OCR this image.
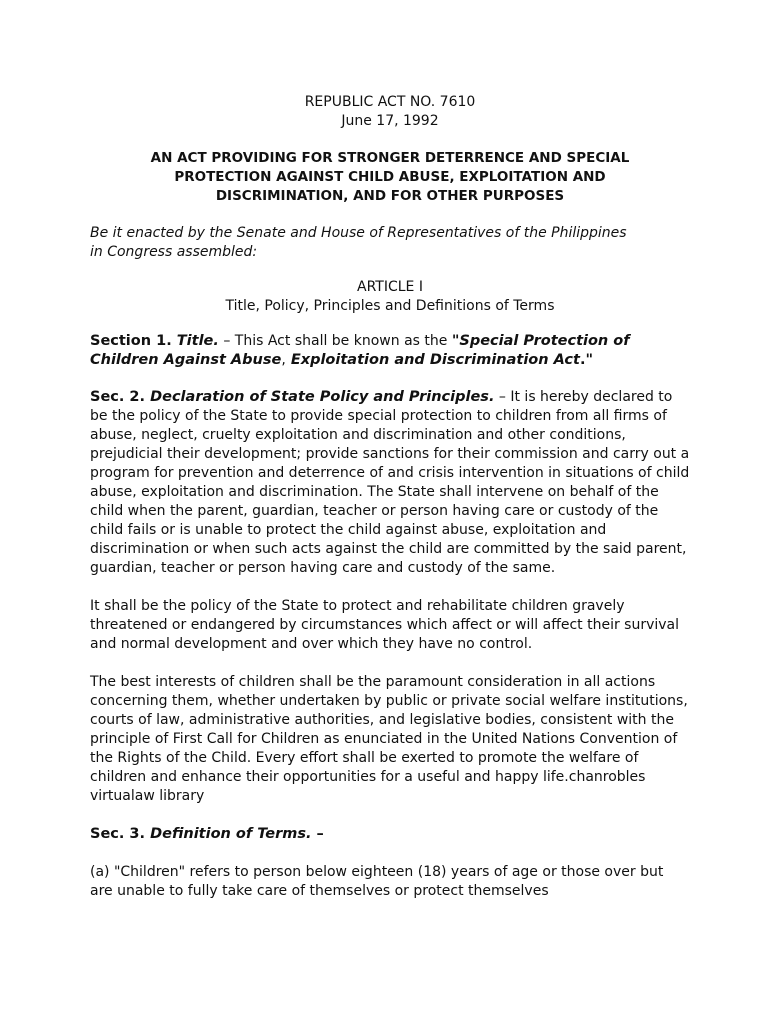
REPUBLIC ACT NO. 7610
June 17, 1992
AN ACT PROVIDING FOR STRONGER DETERRENCE AND SPECIAL
PROTECTION AGAINST CHILD ABUSE, EXPLOITATION AND
DISCRIMINATION, AND FOR OTHER PURPOSES
Be it enacted by the Senate and House of Representatives of the Philippines
in Congress assembled:
ARTICLE I
Title, Policy, Principles and Definitions of Terms

Section 1. Title. – This Act shall be known as the "Special Protection of Children Against Abuse, Exploitation and Discrimination Act."

Sec. 2. Declaration of State Policy and Principles. – It is hereby declared to be the policy of the State to provide special protection to children from all firms of abuse, neglect, cruelty exploitation and discrimination and other conditions, prejudicial their development; provide sanctions for their commission and carry out a program for prevention and deterrence of and crisis intervention in situations of child abuse, exploitation and discrimination. The State shall intervene on behalf of the child when the parent, guardian, teacher or person having care or custody of the child fails or is unable to protect the child against abuse, exploitation and discrimination or when such acts against the child are committed by the said parent, guardian, teacher or person having care and custody of the same.

It shall be the policy of the State to protect and rehabilitate children gravely threatened or endangered by circumstances which affect or will affect their survival and normal development and over which they have no control.

The best interests of children shall be the paramount consideration in all actions concerning them, whether undertaken by public or private social welfare institutions, courts of law, administrative authorities, and legislative bodies, consistent with the principle of First Call for Children as enunciated in the United Nations Convention of the Rights of the Child. Every effort shall be exerted to promote the welfare of children and enhance their opportunities for a useful and happy life.chanrobles virtualaw library

Sec. 3. Definition of Terms. –

(a) "Children" refers to person below eighteen (18) years of age or those over but are unable to fully take care of themselves or protect themselves
